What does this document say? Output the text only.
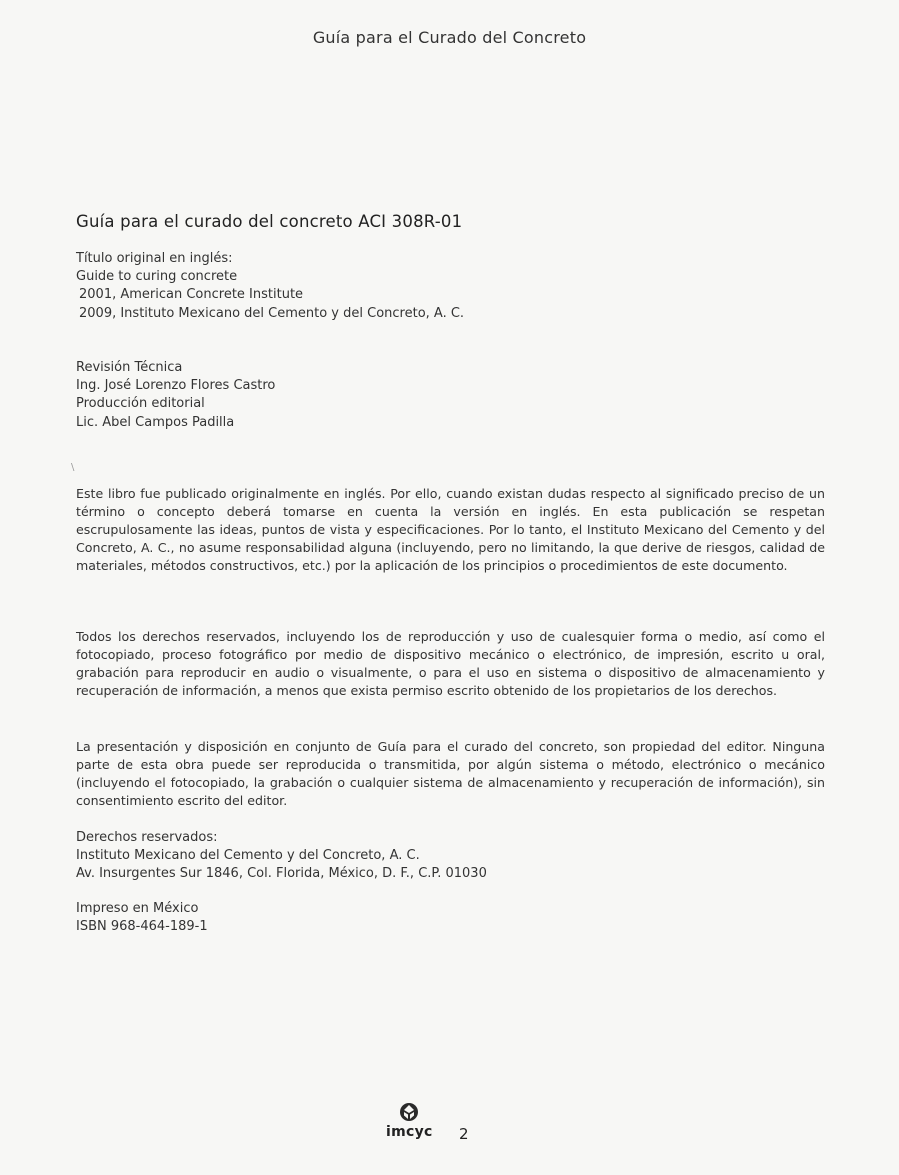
Guía para el Curado del Concreto
Guía para el curado del concreto ACI 308R-01
Título original en inglés:
Guide to curing concrete
2001, American Concrete Institute
2009, Instituto Mexicano del Cemento y del Concreto, A. C.
Revisión Técnica
Ing. José Lorenzo Flores Castro
Producción editorial
Lic. Abel Campos Padilla
\

Este libro fue publicado originalmente en inglés. Por ello, cuando existan dudas respecto al significado preciso de un término o concepto deberá tomarse en cuenta la versión en inglés. En esta publicación se respetan escrupulosamente las ideas, puntos de vista y especificaciones. Por lo tanto, el Instituto Mexicano del Cemento y del Concreto, A. C., no asume responsabilidad alguna (incluyendo, pero no limitando, la que derive de riesgos, calidad de materiales, métodos constructivos, etc.) por la aplicación de los principios o procedimientos de este documento.

Todos los derechos reservados, incluyendo los de reproducción y uso de cualesquier forma o medio, así como el fotocopiado, proceso fotográfico por medio de dispositivo mecánico o electrónico, de impresión, escrito u oral, grabación para reproducir en audio o visualmente, o para el uso en sistema o dispositivo de almacenamiento y recuperación de información, a menos que exista permiso escrito obtenido de los propietarios de los derechos.

La presentación y disposición en conjunto de Guía para el curado del concreto, son propiedad del editor. Ninguna parte de esta obra puede ser reproducida o transmitida, por algún sistema o método, electrónico o mecánico (incluyendo el fotocopiado, la grabación o cualquier sistema de almacenamiento y recuperación de información), sin consentimiento escrito del editor.

Derechos reservados:
Instituto Mexicano del Cemento y del Concreto, A. C.
Av. Insurgentes Sur 1846, Col. Florida, México, D. F., C.P. 01030
Impreso en México
ISBN 968-464-189-1
imcyc 2
